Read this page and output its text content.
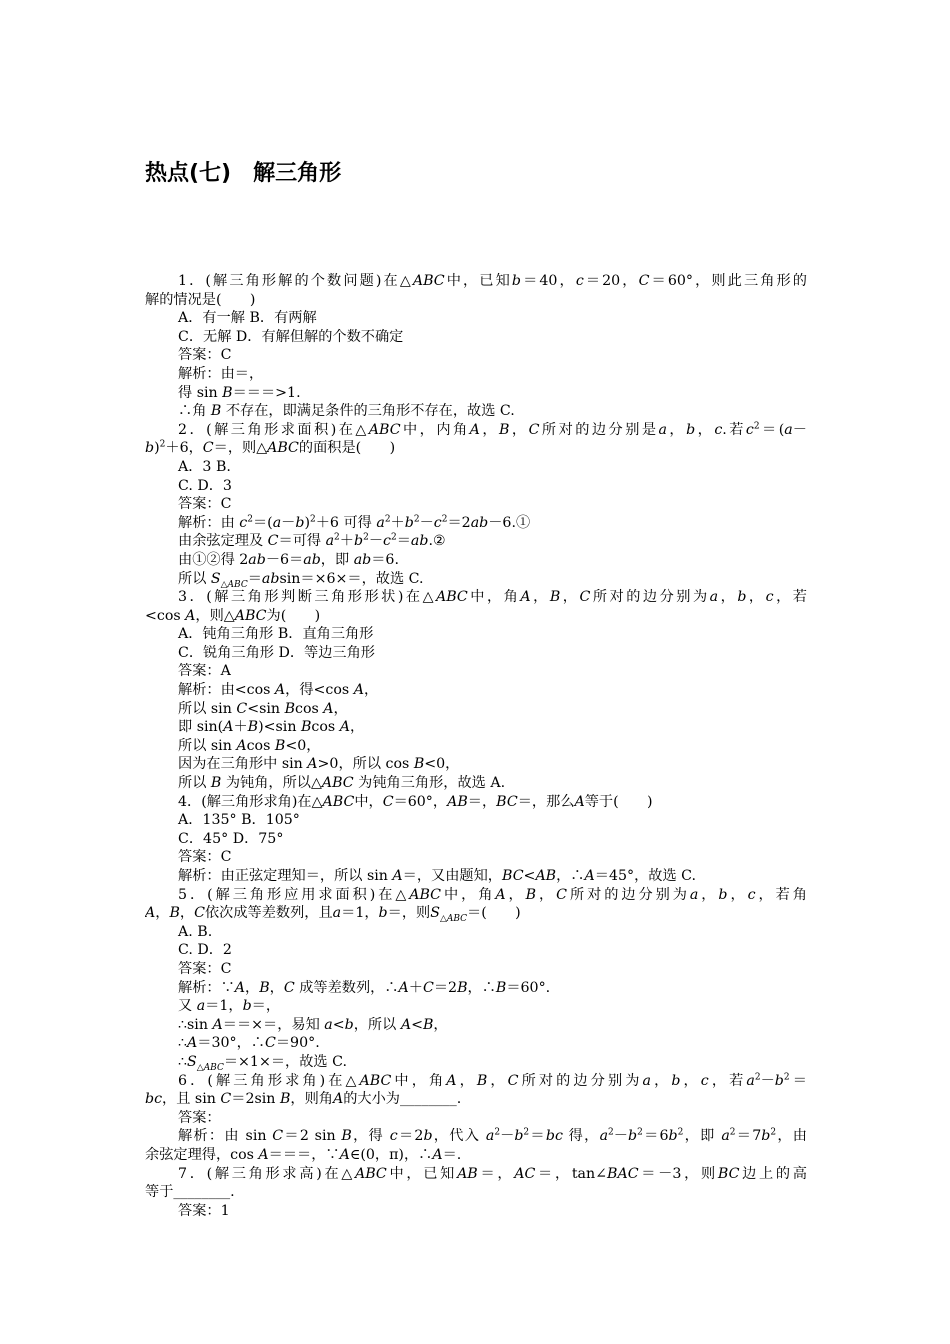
热点(七)　解三角形
1．(解三角形解的个数问题)在△ABC中，已知b＝40，c＝20，C＝60°，则此三角形的
解的情况是(　　)
A．有一解 B．有两解
C．无解 D．有解但解的个数不确定
答案：C
解析：由＝，
得 sin B＝＝＝>1.
∴角 B 不存在，即满足条件的三角形不存在，故选 C.
2．(解三角形求面积)在△ABC中，内角A，B，C所对的边分别是a，b，c.若$c^2=(a-$
b)$^2$＋6，C＝，则△ABC的面积是(　　)
A．3 B.
C. D．3
答案：C
解析：由 $c^2=(a-b)^2+6$ 可得 $a^2+b^2-c^2=2ab-6.①$
由余弦定理及 C＝可得 $a^2+b^2-c^2=ab.②$
由①②得 2ab－6＝ab，即 ab＝6.
所以 $S_{\triangle ABC}=absin=\times 6\times=$，故选 C.
3．(解三角形判断三角形形状)在△ABC中，角A，B，C所对的边分别为a，b，c，若
<cos A，则△ABC为(　　)
A．钝角三角形 B．直角三角形
C．锐角三角形 D．等边三角形
答案：A
解析：由<cos A，得<cos A，
所以 sin C<sin Bcos A，
即 sin(A＋B)<sin Bcos A，
所以 sin Acos B<0，
因为在三角形中 sin A>0，所以 cos B<0，
所以 B 为钝角，所以△ABC 为钝角三角形，故选 A.
4．(解三角形求角)在△ABC中，C＝60°，AB＝，BC＝，那么A等于(　　)
A．135° B．105°
C．45° D．75°
答案：C
解析：由正弦定理知＝，所以 sin A＝，又由题知，BC<AB，∴A＝45°，故选 C.
5．(解三角形应用求面积)在△ABC中，角A，B，C所对的边分别为a，b，c，若角
A，B，C依次成等差数列，且a＝1，b＝，则$S_{\triangle ABC}=$(　　)
A. B.
C. D．2
答案：C
解析：∵A，B，C 成等差数列，∴A＋C＝2B，∴B＝60°.
又 a＝1，b＝，
∴sin A＝＝×＝，易知 a<b，所以 A<B，
∴A＝30°，∴C＝90°.
$\therefore S_{\triangle ABC}=\times 1\times=$，故选 C.
6．(解三角形求角)在△ABC中，角A，B，C所对的边分别为a，b，c，若$a^2-b^2=$
bc，且 sin C＝2sin B，则角A的大小为________.
答案：
解析：由 sin C＝2 sin B，得 c＝2b，代入 $a^2-b^2=bc$ 得，$a^2-b^2=6b^2$，即 $a^2=7b^2$，由
余弦定理得，cos A＝＝＝，∵A∈(0，π)，∴A＝.
7．(解三角形求高)在△ABC中，已知AB＝，AC＝，tan∠BAC＝－3，则BC边上的高
等于________.
答案：1
